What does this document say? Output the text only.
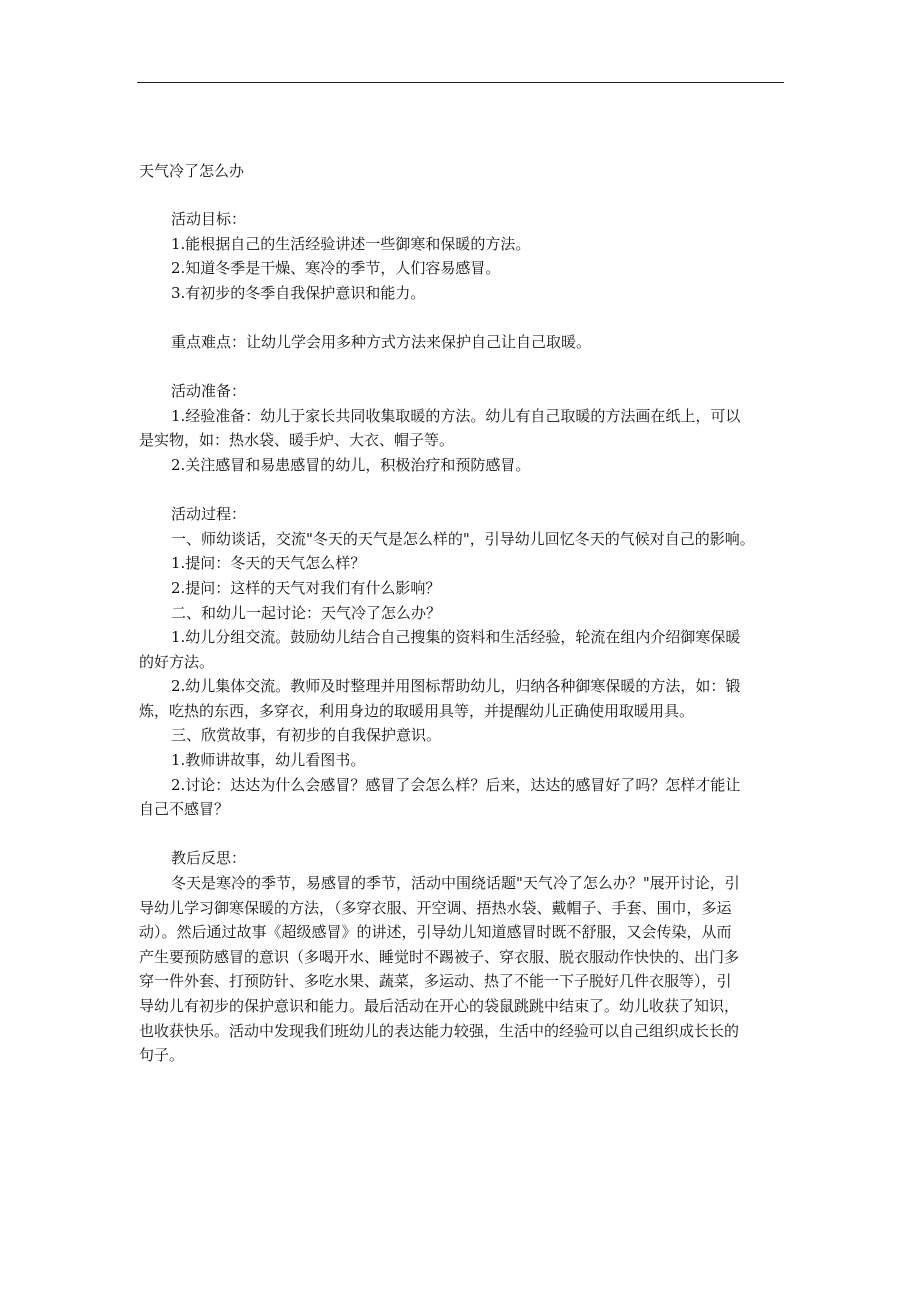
天气冷了怎么办

活动目标：

1.能根据自己的生活经验讲述一些御寒和保暖的方法。

2.知道冬季是干燥、寒冷的季节，人们容易感冒。

3.有初步的冬季自我保护意识和能力。

重点难点：让幼儿学会用多种方式方法来保护自己让自己取暖。

活动准备：

1.经验准备：幼儿于家长共同收集取暖的方法。幼儿有自己取暖的方法画在纸上，可以

是实物，如：热水袋、暖手炉、大衣、帽子等。

2.关注感冒和易患感冒的幼儿，积极治疗和预防感冒。

活动过程：

一、师幼谈话，交流"冬天的天气是怎么样的"，引导幼儿回忆冬天的气候对自己的影响。

1.提问：冬天的天气怎么样？

2.提问：这样的天气对我们有什么影响？

二、和幼儿一起讨论：天气冷了怎么办？

1.幼儿分组交流。鼓励幼儿结合自己搜集的资料和生活经验，轮流在组内介绍御寒保暖

的好方法。

2.幼儿集体交流。教师及时整理并用图标帮助幼儿，归纳各种御寒保暖的方法，如：锻

炼，吃热的东西，多穿衣，利用身边的取暖用具等，并提醒幼儿正确使用取暖用具。

三、欣赏故事，有初步的自我保护意识。

1.教师讲故事，幼儿看图书。

2.讨论：达达为什么会感冒？感冒了会怎么样？后来，达达的感冒好了吗？怎样才能让

自己不感冒？

教后反思：

冬天是寒冷的季节，易感冒的季节，活动中围绕话题"天气冷了怎么办？"展开讨论，引

导幼儿学习御寒保暖的方法，（多穿衣服、开空调、捂热水袋、戴帽子、手套、围巾，多运

动）。然后通过故事《超级感冒》的讲述，引导幼儿知道感冒时既不舒服，又会传染，从而

产生要预防感冒的意识（多喝开水、睡觉时不踢被子、穿衣服、脱衣服动作快快的、出门多

穿一件外套、打预防针、多吃水果、蔬菜，多运动、热了不能一下子脱好几件衣服等），引

导幼儿有初步的保护意识和能力。最后活动在开心的袋鼠跳跳中结束了。幼儿收获了知识，

也收获快乐。活动中发现我们班幼儿的表达能力较强，生活中的经验可以自己组织成长长的

句子。
